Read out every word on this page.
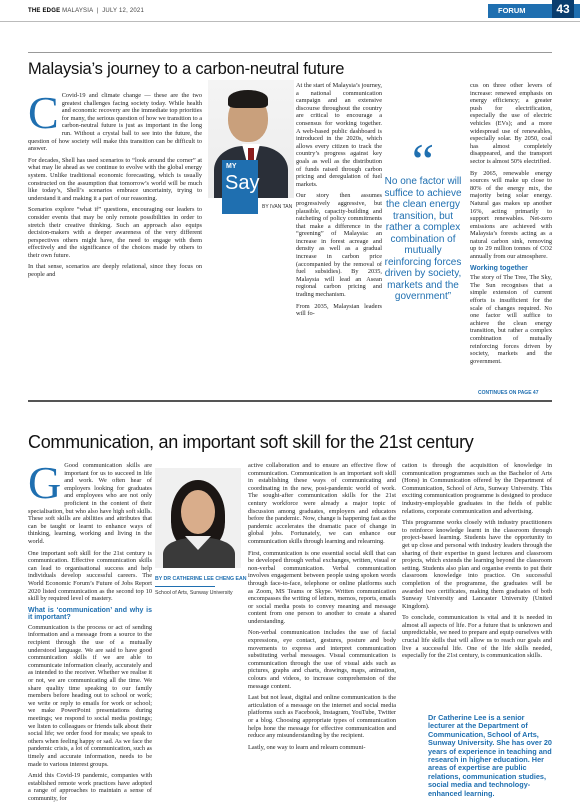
THE EDGE MALAYSIA  |  JULY 12, 2021	FORUM	43
Malaysia’s journey to a carbon-neutral future

C Covid-19 and climate change — these are the two greatest challenges facing society today. While health and economic recovery are the immediate top priorities for many, the serious question of how we transition to a carbon-neutral future is just as important in the long run. Without a crystal ball to see into the future, the question of how society will make this transition can be difficult to answer.

For decades, Shell has used scenarios to “look around the corner” at what may lie ahead as we continue to evolve with the global energy system. Unlike traditional economic forecasting, which is usually constructed on the assumption that tomorrow’s world will be much like today’s, Shell’s scenarios embrace uncertainty, trying to understand it and making it a part of our reasoning.

Scenarios explore “what if” questions, encouraging our leaders to consider events that may be only remote possibilities in order to stretch their creative thinking. Such an approach also equips decision-makers with a deeper awareness of the very different perspectives others might have, the need to engage with them effectively and the significance of the choices made by others to their own future.

In that sense, scenarios are deeply relational, since they focus on people and

MY
Say
BY IVAN TAN

At the start of Malaysia’s journey, a national communication campaign and an extensive discourse throughout the country are critical to encourage a consensus for working together. A web-based public dashboard is introduced in the 2020s, which allows every citizen to track the country’s progress against key goals as well as the distribution of funds raised through carbon pricing and deregulation of fuel markets.

Our story then assumes progressively aggressive, but plausible, capacity-building and ratcheting of policy commitments that make a difference in the “greening” of Malaysia: an increase in forest acreage and density as well as a gradual increase in carbon price (accompanied by the removal of fuel subsidies). By 2035, Malaysia will lead an Asean regional carbon pricing and trading mechanism.

From 2035, Malaysian leaders will fo-

“
No one factor will suffice to achieve the clean energy transition, but rather a complex combination of mutually reinforcing forces driven by society, markets and the government”

cus on three other levers of increase: renewed emphasis on energy efficiency; a greater push for electrification, especially the use of electric vehicles (EVs); and a more widespread use of renewables, especially solar. By 2050, coal has almost completely disappeared, and the transport sector is almost 50% electrified.

By 2065, renewable energy sources will make up close to 80% of the energy mix, the majority being solar energy. Natural gas makes up another 16%, acting primarily to support renewables. Net-zero emissions are achieved with Malaysia’s forests acting as a natural carbon sink, removing up to 29 million tonnes of CO2 annually from our atmosphere.

Working together

The story of The Tree, The Sky, The Sun recognises that a simple extension of current efforts is insufficient for the scale of changes required. No one factor will suffice to achieve the clean energy transition, but rather a complex combination of mutually reinforcing forces driven by society, markets and the government.

CONTINUES ON PAGE 47
Communication, an important soft skill for the 21st century

G Good communication skills are important for us to succeed in life and work. We often hear of employers looking for graduates and employees who are not only proficient in the content of their specialisation, but who also have high soft skills. These soft skills are abilities and attributes that can be taught or learnt to enhance ways of thinking, learning, working and living in the world.

One important soft skill for the 21st century is communication. Effective communication skills can lead to organisational success and help individuals develop successful careers. The World Economic Forum’s Future of Jobs Report 2020 listed communication as the second top 10 skill by required level of mastery.

What is ‘communication’ and why is it important?

Communication is the process or act of sending information and a message from a source to the recipient through the use of a mutually understood language. We are said to have good communication skills if we are able to communicate information clearly, accurately and as intended to the receiver. Whether we realise it or not, we are communicating all the time. We share quality time speaking to our family members before heading out to school or work; we write or reply to emails for work or school; we make PowerPoint presentations during meetings; we respond to social media postings; we listen to colleagues or friends talk about their social life; we order food for meals; we speak to others when feeling happy or sad. As we face the pandemic crisis, a lot of communication, such as timely and accurate information, needs to be made to various interest groups.

Amid this Covid-19 pandemic, companies with established remote work practices have adopted a range of approaches to maintain a sense of community, for

BY DR CATHERINE LEE CHENG EAN
School of Arts, Sunway University

active collaboration and to ensure an effective flow of communication. Communication is an important soft skill in establishing these ways of communicating and coordinating in the new, post-pandemic world of work. The sought-after communication skills for the 21st century workforce were already a major topic of discussion among graduates, employers and educators before the pandemic. Now, change is happening fast as the pandemic accelerates the dramatic pace of change in global jobs. Fortunately, we can enhance our communication skills through learning and relearning.

First, communication is one essential social skill that can be developed through verbal exchanges, written, visual or non-verbal communication. Verbal communication involves engagement between people using spoken words through face-to-face, telephone or online platforms such as Zoom, MS Teams or Skype. Written communication encompasses the writing of letters, memos, reports, emails or social media posts to convey meaning and message content from one person to another to create a shared understanding.

Non-verbal communication includes the use of facial expressions, eye contact, gestures, posture and body movements to express and interpret communication substituting verbal messages. Visual communication is communication through the use of visual aids such as pictures, graphs and charts, drawings, maps, animation, colours and videos, to increase comprehension of the message content.

Last but not least, digital and online communication is the articulation of a message on the internet and social media platforms such as Facebook, Instagram, YouTube, Twitter or a blog. Choosing appropriate types of communication helps hone the message for effective communication and reduce any misunderstanding by the recipient.

Lastly, one way to learn and relearn communi-

cation is through the acquisition of knowledge in communication programmes such as the Bachelor of Arts (Hons) in Communication offered by the Department of Communication, School of Arts, Sunway University. This exciting communication programme is designed to produce industry-employable graduates in the fields of public relations, corporate communication and advertising.

This programme works closely with industry practitioners to reinforce knowledge learnt in the classroom through project-based learning. Students have the opportunity to get up close and personal with industry leaders through the sharing of their expertise in guest lectures and classroom projects, which extends the learning beyond the classroom setting. Students also plan and organise events to put their classroom knowledge into practice. On successful completion of the programme, the graduates will be awarded two certificates, making them graduates of both Sunway University and Lancaster University (United Kingdom).

To conclude, communication is vital and it is needed in almost all aspects of life. For a future that is unknown and unpredictable, we need to prepare and equip ourselves with crucial life skills that will allow us to reach our goals and live a successful life. One of the life skills needed, especially for the 21st century, is communication skills.

Dr Catherine Lee is a senior lecturer at the Department of Communication, School of Arts, Sunway University. She has over 20 years of experience in teaching and research in higher education. Her areas of expertise are public relations, communication studies, social media and technology-enhanced learning.
